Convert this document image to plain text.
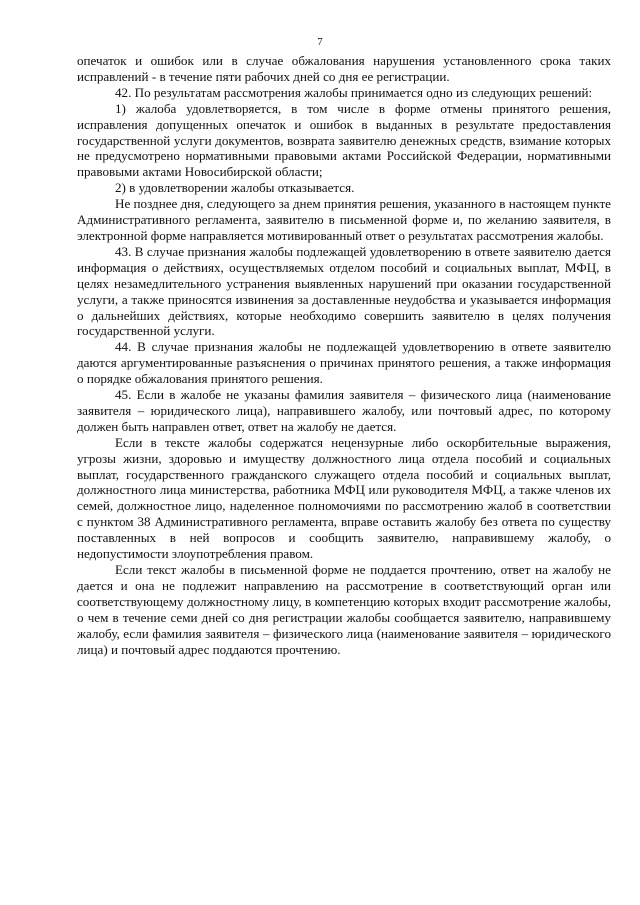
7

опечаток и ошибок или в случае обжалования нарушения установленного срока таких исправлений - в течение пяти рабочих дней со дня ее регистрации.

42. По результатам рассмотрения жалобы принимается одно из следующих решений:

1) жалоба удовлетворяется, в том числе в форме отмены принятого решения, исправления допущенных опечаток и ошибок в выданных в результате предоставления государственной услуги документов, возврата заявителю денежных средств, взимание которых не предусмотрено нормативными правовыми актами Российской Федерации, нормативными правовыми актами Новосибирской области;

2) в удовлетворении жалобы отказывается.

Не позднее дня, следующего за днем принятия решения, указанного в настоящем пункте Административного регламента, заявителю в письменной форме и, по желанию заявителя, в электронной форме направляется мотивированный ответ о результатах рассмотрения жалобы.

43. В случае признания жалобы подлежащей удовлетворению в ответе заявителю дается информация о действиях, осуществляемых отделом пособий и социальных выплат, МФЦ, в целях незамедлительного устранения выявленных нарушений при оказании государственной услуги, а также приносятся извинения за доставленные неудобства и указывается информация о дальнейших действиях, которые необходимо совершить заявителю в целях получения государственной услуги.

44. В случае признания жалобы не подлежащей удовлетворению в ответе заявителю даются аргументированные разъяснения о причинах принятого решения, а также информация о порядке обжалования принятого решения.

45. Если в жалобе не указаны фамилия заявителя – физического лица (наименование заявителя – юридического лица), направившего жалобу, или почтовый адрес, по которому должен быть направлен ответ, ответ на жалобу не дается.

Если в тексте жалобы содержатся нецензурные либо оскорбительные выражения, угрозы жизни, здоровью и имуществу должностного лица отдела пособий и социальных выплат, государственного гражданского служащего отдела пособий и социальных выплат, должностного лица министерства, работника МФЦ или руководителя МФЦ, а также членов их семей, должностное лицо, наделенное полномочиями по рассмотрению жалоб в соответствии с пунктом 38 Административного регламента, вправе оставить жалобу без ответа по существу поставленных в ней вопросов и сообщить заявителю, направившему жалобу, о недопустимости злоупотребления правом.

Если текст жалобы в письменной форме не поддается прочтению, ответ на жалобу не дается и она не подлежит направлению на рассмотрение в соответствующий орган или соответствующему должностному лицу, в компетенцию которых входит рассмотрение жалобы, о чем в течение семи дней со дня регистрации жалобы сообщается заявителю, направившему жалобу, если фамилия заявителя – физического лица (наименование заявителя – юридического лица) и почтовый адрес поддаются прочтению.
